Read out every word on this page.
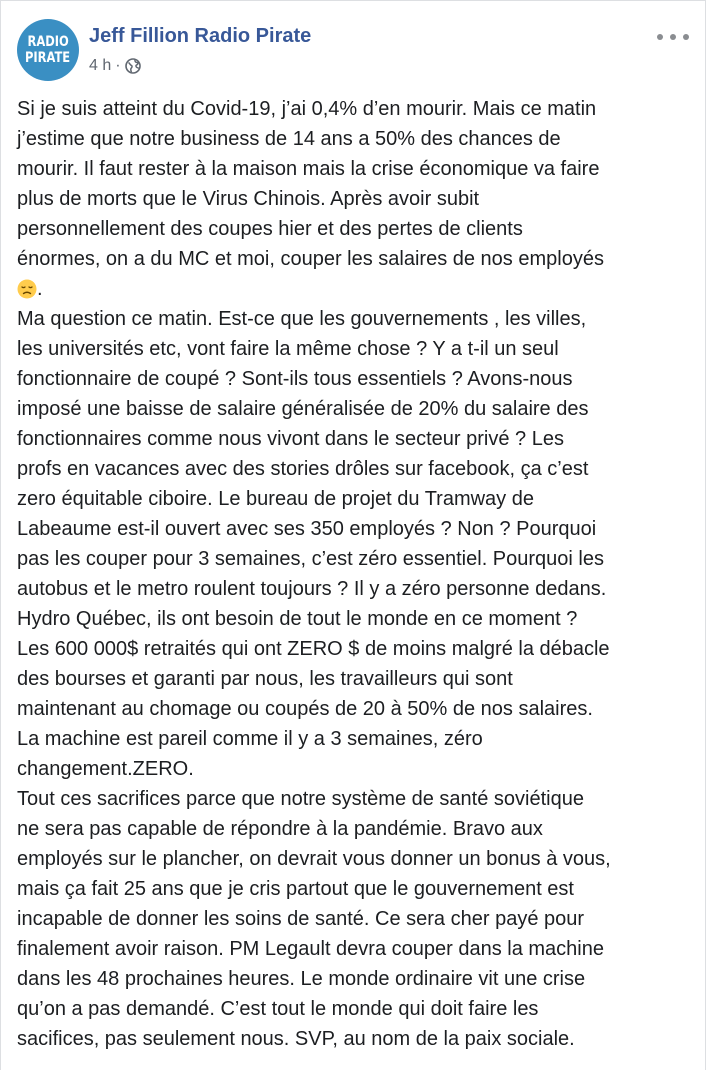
RADIO
PIRATE
Jeff Fillion Radio Pirate
4 h ·

Si je suis atteint du Covid-19, j’ai 0,4% d’en mourir. Mais ce matin

j’estime que notre business de 14 ans a 50% des chances de

mourir. Il faut rester à la maison mais la crise économique va faire

plus de morts que le Virus Chinois. Après avoir subit

personnellement des coupes hier et des pertes de clients

énormes, on a du MC et moi, couper les salaires de nos employés

.

Ma question ce matin. Est-ce que les gouvernements , les villes,

les universités etc, vont faire la même chose ? Y a t-il un seul

fonctionnaire de coupé ? Sont-ils tous essentiels ? Avons-nous

imposé une baisse de salaire généralisée de 20% du salaire des

fonctionnaires comme nous vivont dans le secteur privé ? Les

profs en vacances avec des stories drôles sur facebook, ça c’est

zero équitable ciboire. Le bureau de projet du Tramway de

Labeaume est-il ouvert avec ses 350 employés ? Non ? Pourquoi

pas les couper pour 3 semaines, c’est zéro essentiel. Pourquoi les

autobus et le metro roulent toujours ? Il y a zéro personne dedans.

Hydro Québec, ils ont besoin de tout le monde en ce moment ?

Les 600 000$ retraités qui ont ZERO $ de moins malgré la débacle

des bourses et garanti par nous, les travailleurs qui sont

maintenant au chomage ou coupés de 20 à 50% de nos salaires.

La machine est pareil comme il y a 3 semaines, zéro

changement.ZERO.

Tout ces sacrifices parce que notre système de santé soviétique

ne sera pas capable de répondre à la pandémie. Bravo aux

employés sur le plancher, on devrait vous donner un bonus à vous,

mais ça fait 25 ans que je cris partout que le gouvernement est

incapable de donner les soins de santé. Ce sera cher payé pour

finalement avoir raison. PM Legault devra couper dans la machine

dans les 48 prochaines heures. Le monde ordinaire vit une crise

qu’on a pas demandé. C’est tout le monde qui doit faire les

sacifices, pas seulement nous. SVP, au nom de la paix sociale.
